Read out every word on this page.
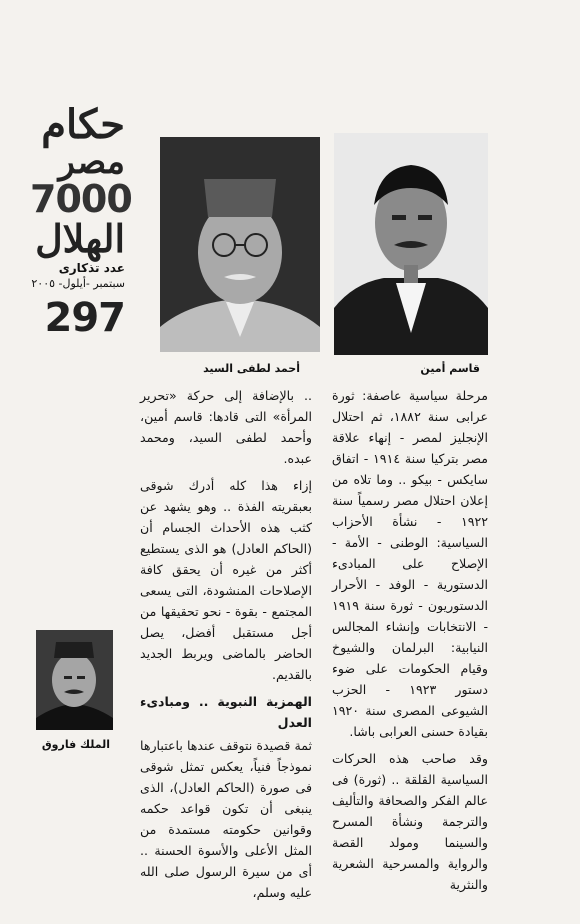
حكام
مصر
7000
الهلال
عدد تذكارى
سبتمبر -أيلول- ٢٠٠٥
297
قاسم أمين
أحمد لطفى السيد
الملك فاروق

مرحلة سياسية عاصفة: ثورة عرابى سنة ١٨٨٢، ثم احتلال الإنجليز لمصر - إنهاء علاقة مصر بتركيا سنة ١٩١٤ - اتفاق سايكس - بيكو .. وما تلاه من إعلان احتلال مصر رسمياً سنة ١٩٢٢ - نشأة الأحزاب السياسية: الوطنى - الأمة - الإصلاح على المبادىء الدستورية - الوفد - الأحرار الدستوريون - ثورة سنة ١٩١٩ - الانتخابات وإنشاء المجالس النيابية: البرلمان والشيوخ وقيام الحكومات على ضوء دستور ١٩٢٣ - الحزب الشيوعى المصرى سنة ١٩٢٠ بقيادة حسنى العرابى باشا.

وقد صاحب هذه الحركات السياسية القلقة .. (ثورة) فى عالم الفكر والصحافة والتأليف والترجمة ونشأة المسرح والسينما ومولد القصة والرواية والمسرحية الشعرية والنثرية

.. بالإضافة إلى حركة «تحرير المرأة» التى قادها: قاسم أمين، وأحمد لطفى السيد، ومحمد عبده.

إزاء هذا كله أدرك شوقى بعبقريته الفذة .. وهو يشهد عن كثب هذه الأحداث الجسام أن (الحاكم العادل) هو الذى يستطيع أكثر من غيره أن يحقق كافة الإصلاحات المنشودة، التى يسعى المجتمع - بقوة - نحو تحقيقها من أجل مستقبل أفضل، يصل الحاضر بالماضى ويربط الجديد بالقديم.

الهمزية النبوية .. ومبادىء العدل

ثمة قصيدة نتوقف عندها باعتبارها نموذجاً فنياً، يعكس تمثل شوقى فى صورة (الحاكم العادل)، الذى ينبغى أن تكون قواعد حكمه وقوانين حكومته مستمدة من المثل الأعلى والأسوة الحسنة .. أى من سيرة الرسول صلى الله عليه وسلم،
